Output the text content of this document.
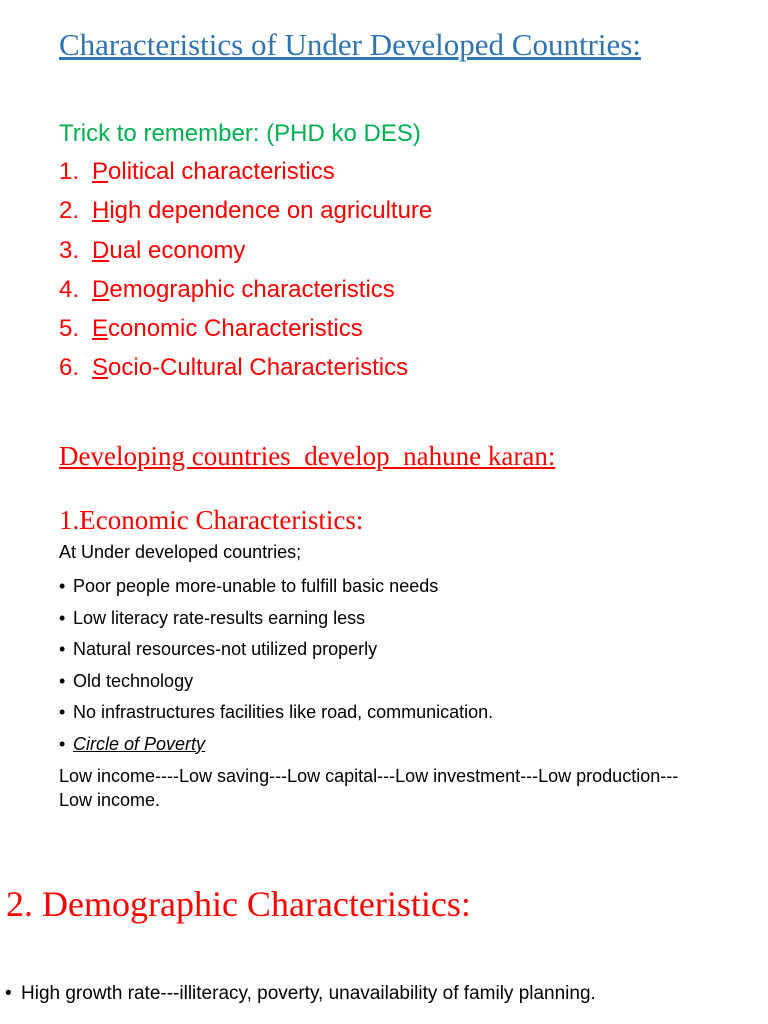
Characteristics of Under Developed Countries:
Trick to remember: (PHD ko DES)
1. Political characteristics
2. High dependence on agriculture
3. Dual economy
4. Demographic characteristics
5. Economic Characteristics
6. Socio-Cultural Characteristics
Developing countries  develop  nahune karan:
1.Economic Characteristics:
At Under developed countries;
• Poor people more-unable to fulfill basic needs
• Low literacy rate-results earning less
• Natural resources-not utilized properly
• Old technology
• No infrastructures facilities like road, communication.
• Circle of Poverty
Low income----Low saving---Low capital---Low investment---Low production---Low income.
2. Demographic Characteristics:
• High growth rate---illiteracy, poverty, unavailability of family planning.
